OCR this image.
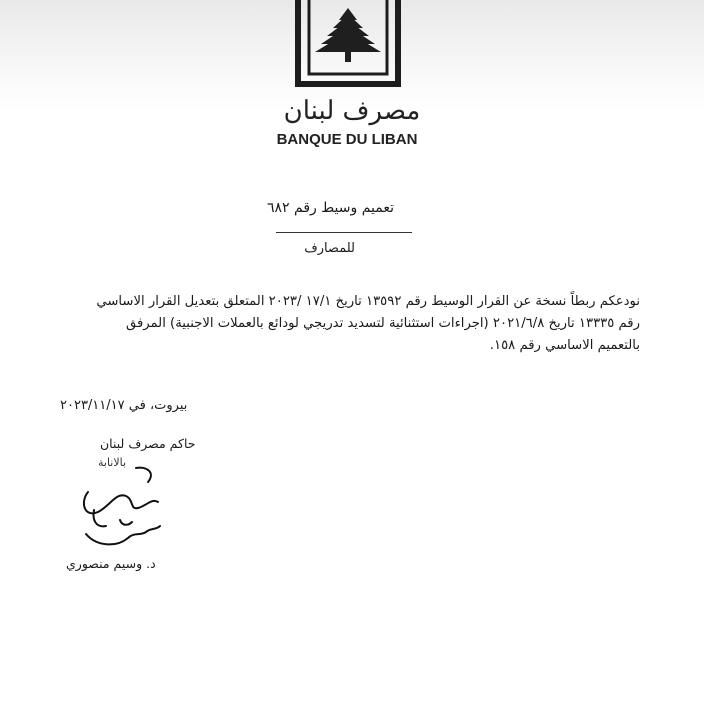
مصرف لبنان
BANQUE DU LIBAN
تعميم وسيط رقم ٦٨٢
للمصارف
نودعكم ربطاً نسخة عن القرار الوسيط رقم ١٣٥٩٢ تاريخ ١٧/١ /٢٠٢٣ المتعلق بتعديل القرار الاساسي
رقم ١٣٣٣٥ تاريخ ٢٠٢١/٦/٨ (اجراءات استثنائية لتسديد تدريجي لودائع بالعملات الاجنبية) المرفق
بالتعميم الاساسي رقم ١٥٨.
بيروت، في ٢٠٢٣/١١/١٧
حاكم مصرف لبنان
بالانابة
د. وسيم منصوري
